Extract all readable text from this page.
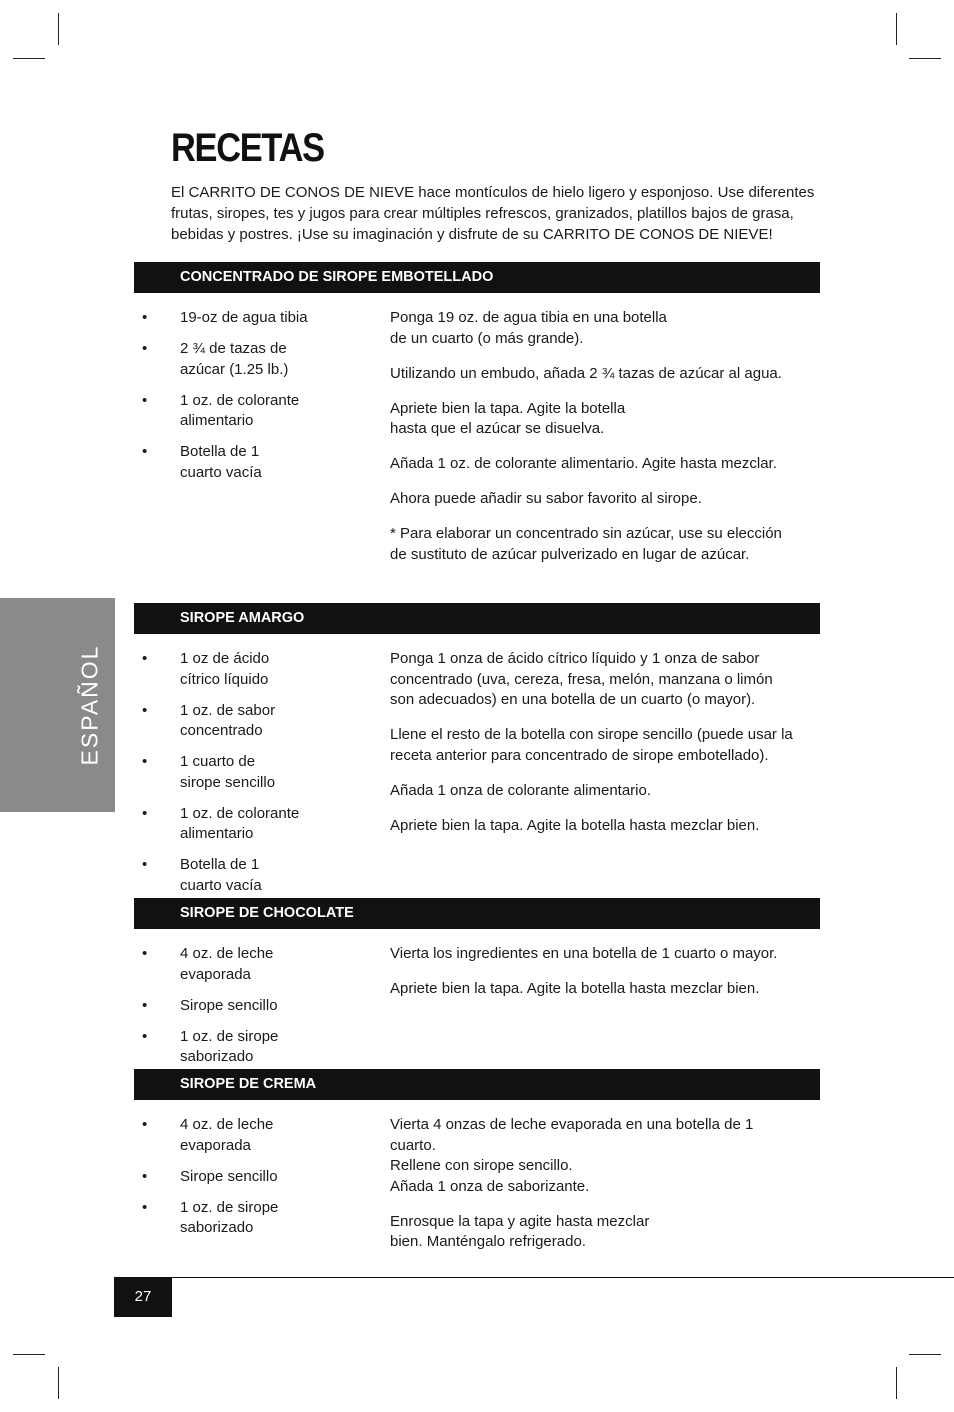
RECETAS
El CARRITO DE CONOS DE NIEVE hace montículos de hielo ligero y esponjoso. Use diferentes frutas, siropes, tes y jugos para crear múltiples refrescos, granizados, platillos bajos de grasa, bebidas y postres. ¡Use su imaginación y disfrute de su CARRITO DE CONOS DE NIEVE!
ESPAÑOL
CONCENTRADO DE SIROPE EMBOTELLADO
• 19-oz de agua tibia
• 2 ¾ de tazas de
azúcar (1.25 lb.)
• 1 oz. de colorante
alimentario
• Botella de 1
cuarto vacía
Ponga 19 oz. de agua tibia en una botella
de un cuarto (o más grande).
Utilizando un embudo, añada 2 ¾ tazas de azúcar al agua.
Apriete bien la tapa. Agite la botella
hasta que el azúcar se disuelva.
Añada 1 oz. de colorante alimentario. Agite hasta mezclar.
Ahora puede añadir su sabor favorito al sirope.
* Para elaborar un concentrado sin azúcar, use su elección
de sustituto de azúcar pulverizado en lugar de azúcar.
SIROPE AMARGO
• 1 oz de ácido
cítrico líquido
• 1 oz. de sabor
concentrado
• 1 cuarto de
sirope sencillo
• 1 oz. de colorante
alimentario
• Botella de 1
cuarto vacía
Ponga 1 onza de ácido cítrico líquido y 1 onza de sabor
concentrado (uva, cereza, fresa, melón, manzana o limón
son adecuados) en una botella de un cuarto (o mayor).
Llene el resto de la botella con sirope sencillo (puede usar la
receta anterior para concentrado de sirope embotellado).
Añada 1 onza de colorante alimentario.
Apriete bien la tapa. Agite la botella hasta mezclar bien.
SIROPE DE CHOCOLATE
• 4 oz. de leche
evaporada
• Sirope sencillo
• 1 oz. de sirope
saborizado
Vierta los ingredientes en una botella de 1 cuarto o mayor.
Apriete bien la tapa. Agite la botella hasta mezclar bien.
SIROPE DE CREMA
• 4 oz. de leche
evaporada
• Sirope sencillo
• 1 oz. de sirope
saborizado
Vierta 4 onzas de leche evaporada en una botella de 1
cuarto.
Rellene con sirope sencillo.
Añada 1 onza de saborizante.
Enrosque la tapa y agite hasta mezclar
bien. Manténgalo refrigerado.
27
